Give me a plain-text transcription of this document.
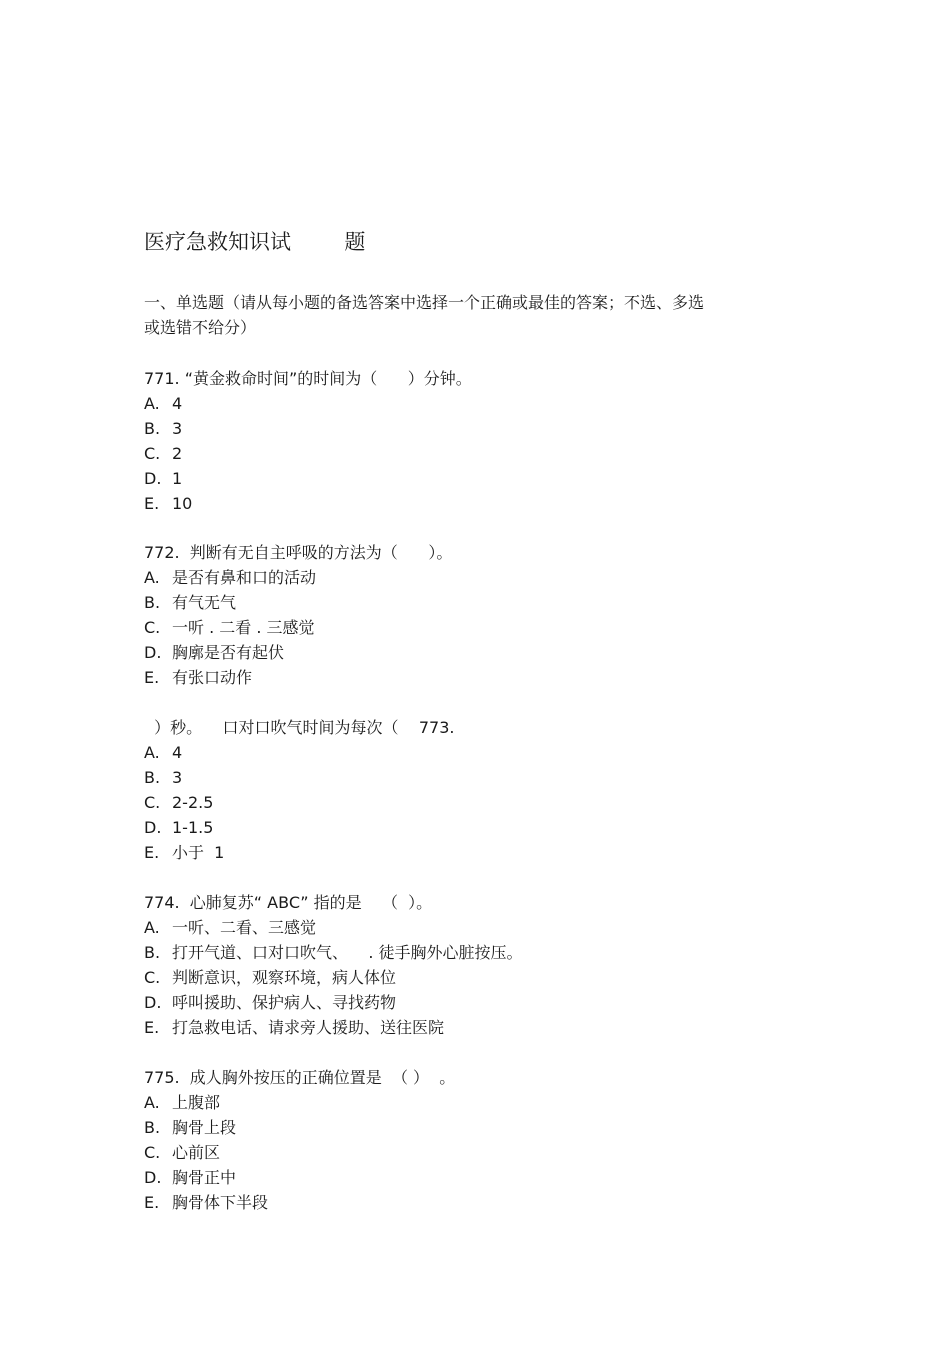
医疗急救知识试        题

一、单选题（请从每小题的备选答案中选择一个正确或最佳的答案；不选、多选
或选错不给分）

771. “黄金救命时间”的时间为（      ）分钟。
A. 4
B. 3
C. 2
D. 1
E. 10
772.  判断有无自主呼吸的方法为（      ）。
A. 是否有鼻和口的活动
B. 有气无气
C. 一听 . 二看 . 三感觉
D. 胸廓是否有起伏
E. 有张口动作
）秒。    口对口吹气时间为每次（    773.
A. 4
B. 3
C. 2-2.5
D. 1-1.5
E. 小于  1
774.  心肺复苏“ ABC” 指的是    （  ）。
A. 一听、二看、三感觉
B. 打开气道、口对口吹气、    . 徒手胸外心脏按压。
C. 判断意识，观察环境，病人体位
D. 呼叫援助、保护病人、寻找药物
E. 打急救电话、请求旁人援助、送往医院
775.  成人胸外按压的正确位置是  （ ）  。
A. 上腹部
B. 胸骨上段
C. 心前区
D. 胸骨正中
E. 胸骨体下半段
